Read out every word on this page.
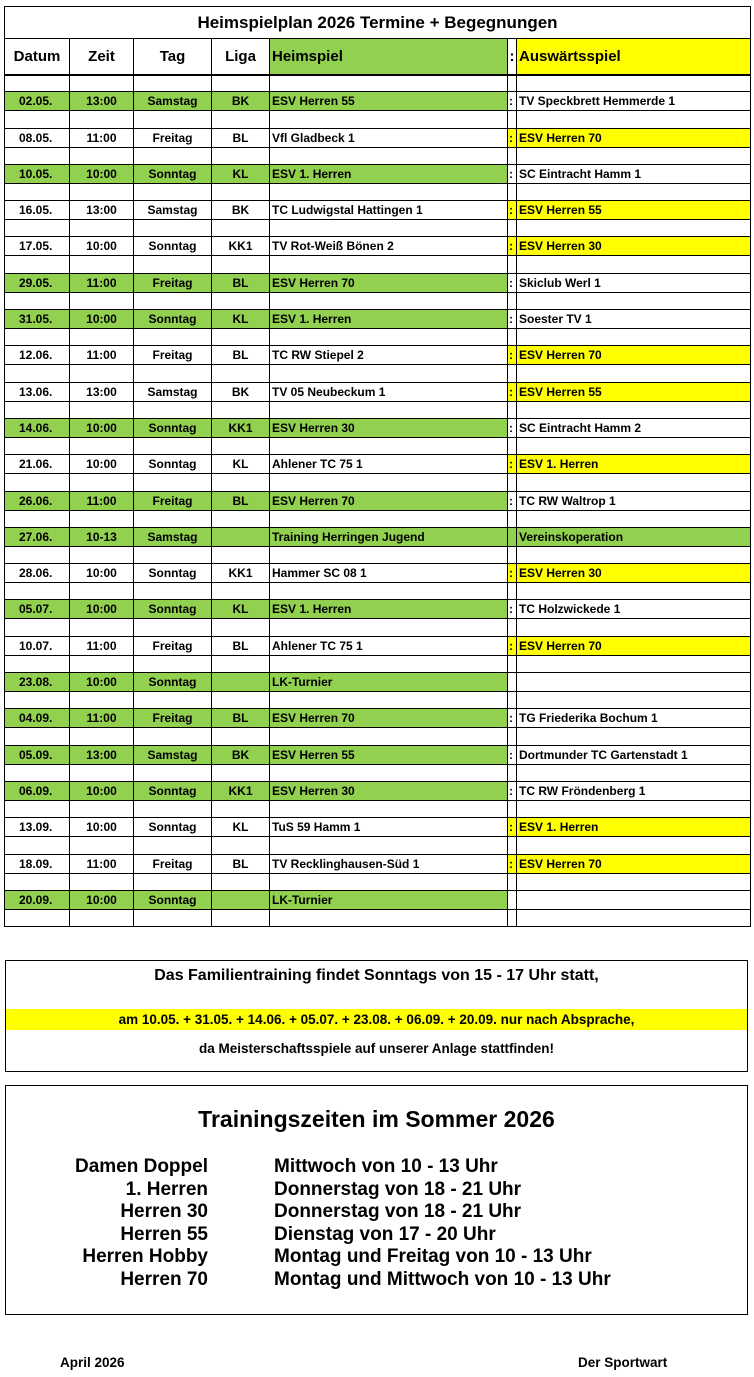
Heimspielplan 2026 Termine + Begegnungen						
Datum	Zeit	Tag	Liga	Heimspiel	:	Auswärtsspiel

02.05.	13:00	Samstag	BK	ESV Herren 55	:	TV Speckbrett Hemmerde 1

08.05.	11:00	Freitag	BL	Vfl Gladbeck 1	:	ESV Herren 70

10.05.	10:00	Sonntag	KL	ESV 1. Herren	:	SC Eintracht Hamm 1

16.05.	13:00	Samstag	BK	TC Ludwigstal Hattingen 1	:	ESV Herren 55

17.05.	10:00	Sonntag	KK1	TV Rot-Weiß Bönen 2	:	ESV Herren 30

29.05.	11:00	Freitag	BL	ESV Herren 70	:	Skiclub Werl 1

31.05.	10:00	Sonntag	KL	ESV 1. Herren	:	Soester TV 1

12.06.	11:00	Freitag	BL	TC RW Stiepel 2	:	ESV Herren 70

13.06.	13:00	Samstag	BK	TV 05 Neubeckum 1	:	ESV Herren 55

14.06.	10:00	Sonntag	KK1	ESV Herren 30	:	SC Eintracht Hamm 2

21.06.	10:00	Sonntag	KL	Ahlener TC 75 1	:	ESV 1. Herren

26.06.	11:00	Freitag	BL	ESV Herren 70	:	TC RW Waltrop 1

27.06.	10-13	Samstag		Training Herringen Jugend		Vereinskoperation

28.06.	10:00	Sonntag	KK1	Hammer SC 08 1	:	ESV Herren 30

05.07.	10:00	Sonntag	KL	ESV 1. Herren	:	TC Holzwickede 1

10.07.	11:00	Freitag	BL	Ahlener TC 75 1	:	ESV Herren 70

23.08.	10:00	Sonntag		LK-Turnier		

04.09.	11:00	Freitag	BL	ESV Herren 70	:	TG Friederika Bochum 1

05.09.	13:00	Samstag	BK	ESV Herren 55	:	Dortmunder TC Gartenstadt 1

06.09.	10:00	Sonntag	KK1	ESV Herren 30	:	TC RW Fröndenberg 1

13.09.	10:00	Sonntag	KL	TuS 59 Hamm 1	:	ESV 1. Herren

18.09.	11:00	Freitag	BL	TV Recklinghausen-Süd 1	:	ESV Herren 70

20.09.	10:00	Sonntag		LK-Turnier		

Das Familientraining findet Sonntags von 15 - 17 Uhr statt,
am 10.05. + 31.05. + 14.06. + 05.07. + 23.08. + 06.09. + 20.09. nur nach Absprache,
da Meisterschaftsspiele auf unserer Anlage stattfinden!
Trainingszeiten im Sommer 2026
Damen Doppel	Mittwoch von 10 - 13 Uhr
1. Herren	Donnerstag von 18 - 21 Uhr
Herren 30	Donnerstag von 18 - 21 Uhr
Herren 55	Dienstag von 17 - 20 Uhr
Herren Hobby	Montag und Freitag von 10 - 13 Uhr
Herren 70	Montag und Mittwoch von 10 - 13 Uhr
April 2026	Der Sportwart
